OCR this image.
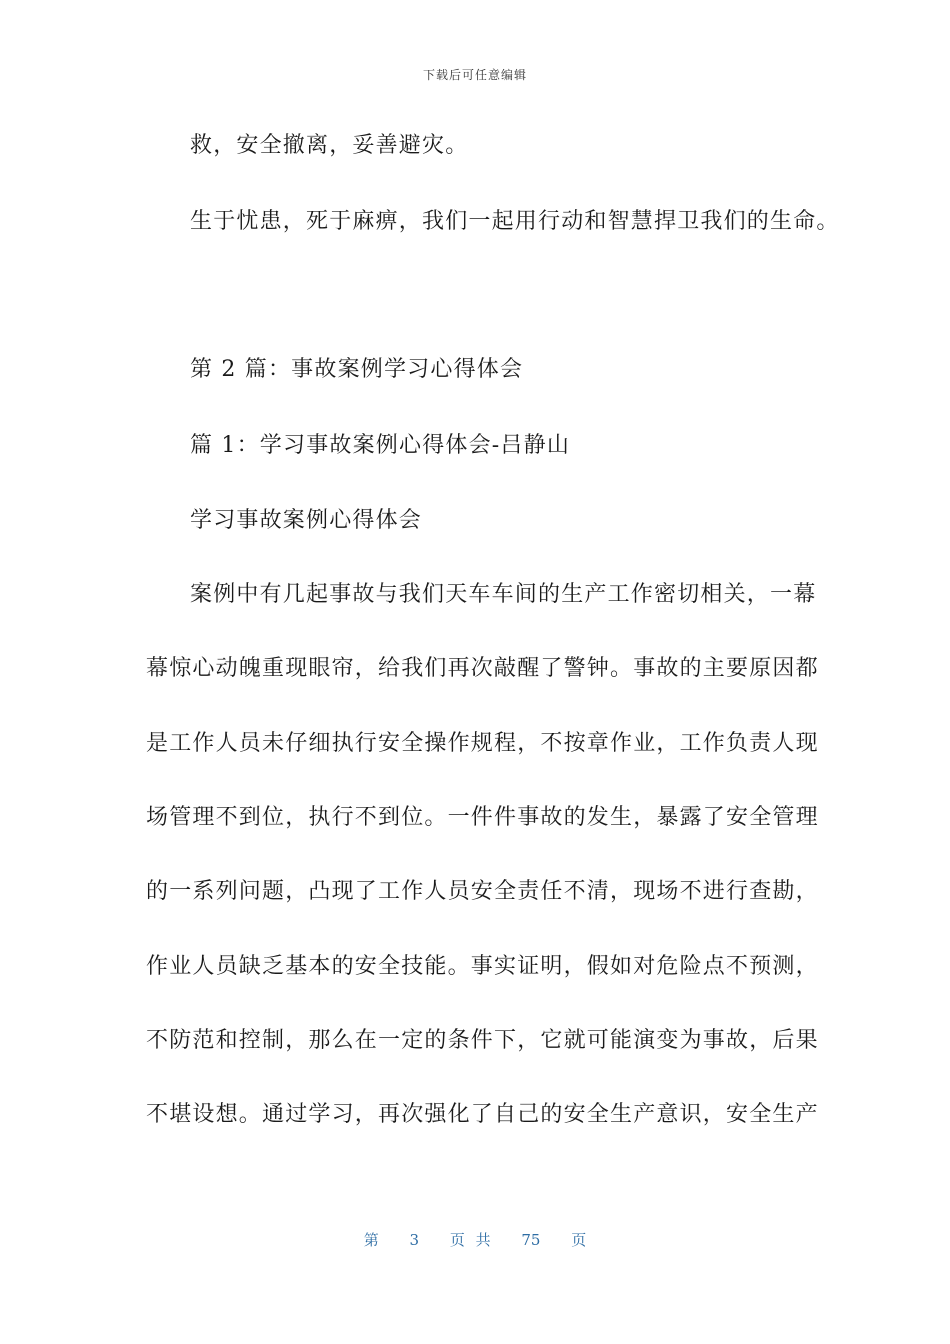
下载后可任意编辑
救，安全撤离，妥善避灾。
生于忧患，死于麻痹，我们一起用行动和智慧捍卫我们的生命。
第 2 篇：事故案例学习心得体会
篇 1：学习事故案例心得体会-吕静山
学习事故案例心得体会
案例中有几起事故与我们天车车间的生产工作密切相关，一幕
幕惊心动魄重现眼帘，给我们再次敲醒了警钟。事故的主要原因都
是工作人员未仔细执行安全操作规程，不按章作业，工作负责人现
场管理不到位，执行不到位。一件件事故的发生，暴露了安全管理
的一系列问题，凸现了工作人员安全责任不清，现场不进行查勘，
作业人员缺乏基本的安全技能。事实证明，假如对危险点不预测，
不防范和控制，那么在一定的条件下，它就可能演变为事故，后果
不堪设想。通过学习，再次强化了自己的安全生产意识，安全生产
第 3 页 共 75 页
